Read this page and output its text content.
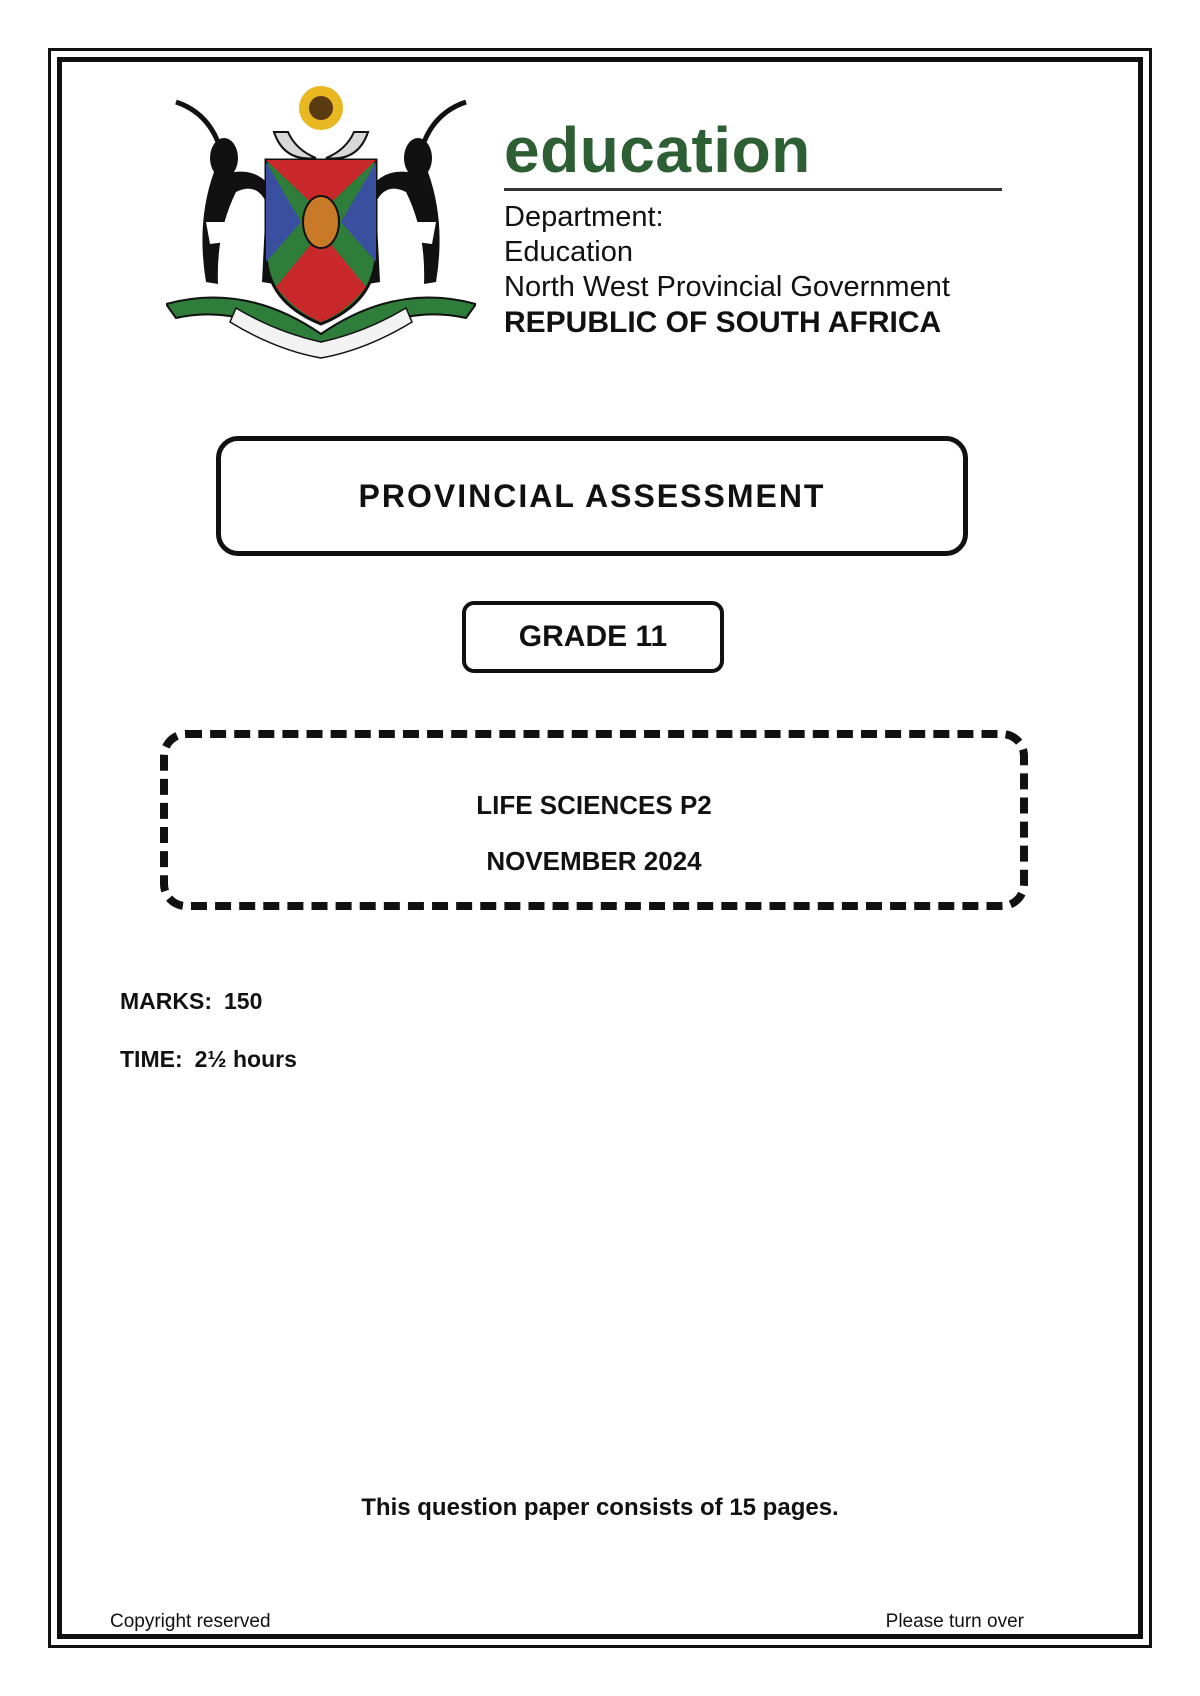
education
Department:
Education
North West Provincial Government
REPUBLIC OF SOUTH AFRICA
PROVINCIAL ASSESSMENT
GRADE 11
LIFE SCIENCES P2
NOVEMBER 2024
MARKS: 150
TIME: 2½ hours
This question paper consists of 15 pages.
Copyright reserved	Please turn over
